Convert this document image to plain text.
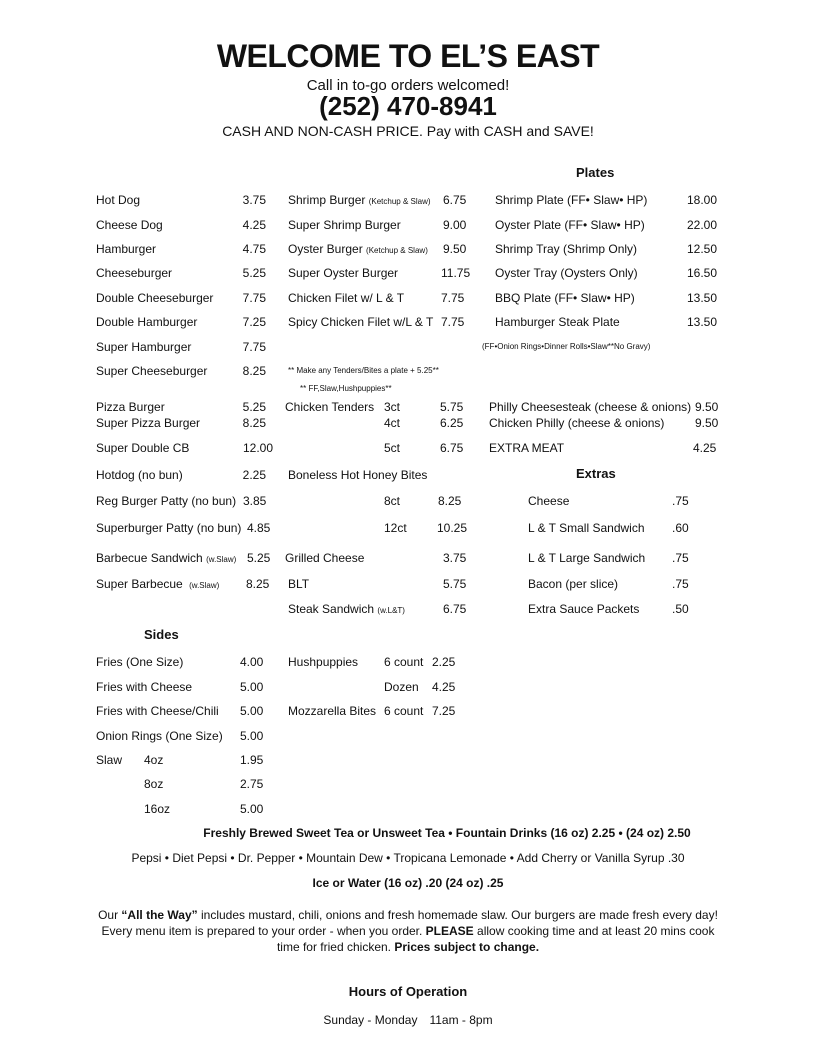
WELCOME TO EL’S EAST
Call in to-go orders welcomed!
(252) 470-8941
CASH AND NON-CASH PRICE. Pay with CASH and SAVE!
Hot Dog	3.75
Cheese Dog	4.25
Hamburger	4.75
Cheeseburger	5.25
Double Cheeseburger	7.75
Double Hamburger	7.25
Super Hamburger	7.75
Super Cheeseburger	8.25
Pizza Burger	5.25
Super Pizza Burger	8.25
Super Double CB	12.00
Hotdog (no bun)	2.25
Reg Burger Patty (no bun) 3.85
Superburger Patty (no bun) 4.85
Barbecue Sandwich (w.Slaw) 5.25
Super Barbecue (w.Slaw) 8.25
Shrimp Burger (Ketchup & Slaw) 6.75
Super Shrimp Burger	9.00
Oyster Burger (Ketchup & Slaw) 9.50
Super Oyster Burger	11.75
Chicken Filet w/ L & T	7.75
Spicy Chicken Filet w/L & T 7.75
** Make any Tenders/Bites a plate + 5.25**
** FF,Slaw,Hushpuppies**
Chicken Tenders 3ct	5.75
4ct	6.25
5ct	6.75
Boneless Hot Honey Bites
8ct	8.25
12ct	10.25
Grilled Cheese	3.75
BLT	5.75
Steak Sandwich (w.L&T)	6.75
Plates
Shrimp Plate (FF• Slaw• HP)	18.00
Oyster Plate (FF• Slaw• HP)	22.00
Shrimp Tray (Shrimp Only)	12.50
Oyster Tray (Oysters Only)	16.50
BBQ Plate (FF• Slaw• HP)	13.50
Hamburger Steak Plate	13.50
(FF•Onion Rings•Dinner Rolls•Slaw**No Gravy)
Philly Cheesesteak (cheese & onions) 9.50
Chicken Philly (cheese & onions)	9.50
EXTRA MEAT	4.25
Extras
Cheese	.75
L & T Small Sandwich .60
L & T Large Sandwich .75
Bacon (per slice)	.75
Extra Sauce Packets	.50
Sides
Fries (One Size)	4.00
Fries with Cheese	5.00
Fries with Cheese/Chili 5.00
Onion Rings (One Size) 5.00
Slaw 4oz	1.95
8oz	2.75
16oz	5.00
Hushpuppies 6 count 2.25
Dozen 4.25
Mozzarella Bites 6 count 7.25
Freshly Brewed Sweet Tea or Unsweet Tea • Fountain Drinks (16 oz) 2.25 • (24 oz) 2.50
Pepsi • Diet Pepsi • Dr. Pepper • Mountain Dew • Tropicana Lemonade • Add Cherry or Vanilla Syrup .30
Ice or Water (16 oz) .20 (24 oz) .25
Our “All the Way” includes mustard, chili, onions and fresh homemade slaw. Our burgers are made fresh every day!
Every menu item is prepared to your order - when you order. PLEASE allow cooking time and at least 20 mins cook
time for fried chicken. Prices subject to change.
Hours of Operation
Sunday - Monday 11am - 8pm
